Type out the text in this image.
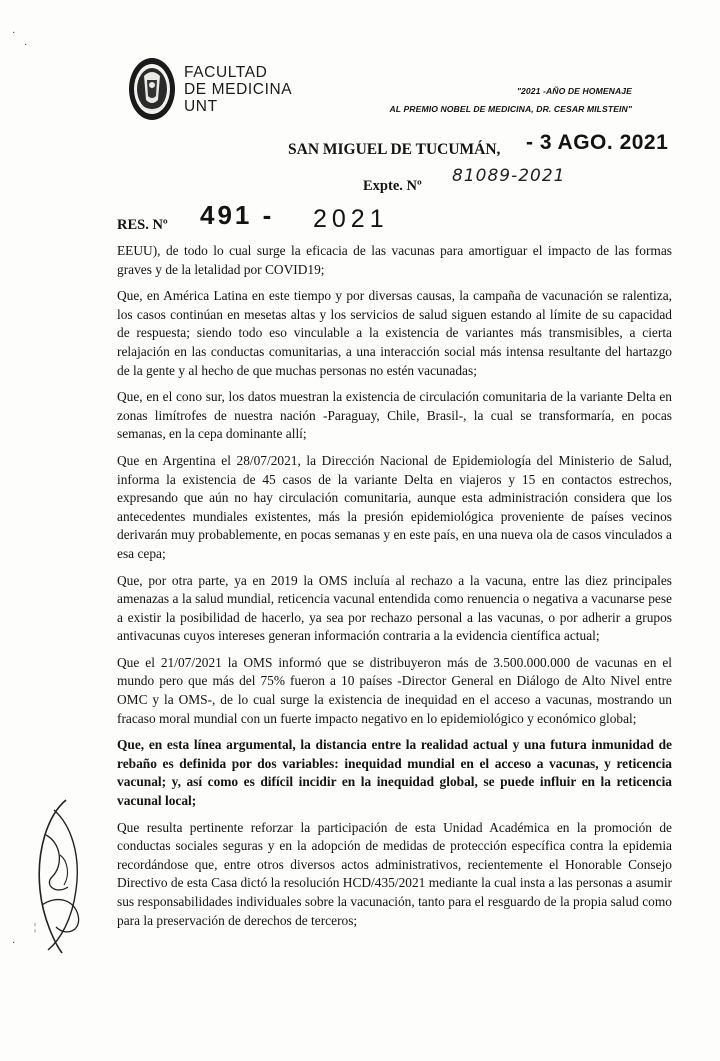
FACULTAD
DE MEDICINA
UNT
"2021 -AÑO DE HOMENAJE
AL PREMIO NOBEL DE MEDICINA, DR. CESAR MILSTEIN"
SAN MIGUEL DE TUCUMÁN, - 3 AGO. 2021
Expte. Nº 81089-2021
RES. Nº 491 - 2021

EEUU), de todo lo cual surge la eficacia de las vacunas para amortiguar el impacto de las formas graves y de la letalidad por COVID19;

Que, en América Latina en este tiempo y por diversas causas, la campaña de vacunación se ralentiza, los casos continúan en mesetas altas y los servicios de salud siguen estando al límite de su capacidad de respuesta; siendo todo eso vinculable a la existencia de variantes más transmisibles, a cierta relajación en las conductas comunitarias, a una interacción social más intensa resultante del hartazgo de la gente y al hecho de que muchas personas no estén vacunadas;

Que, en el cono sur, los datos muestran la existencia de circulación comunitaria de la variante Delta en zonas limítrofes de nuestra nación -Paraguay, Chile, Brasil-, la cual se transformaría, en pocas semanas, en la cepa dominante allí;

Que en Argentina el 28/07/2021, la Dirección Nacional de Epidemiología del Ministerio de Salud, informa la existencia de 45 casos de la variante Delta en viajeros y 15 en contactos estrechos, expresando que aún no hay circulación comunitaria, aunque esta administración considera que los antecedentes mundiales existentes, más la presión epidemiológica proveniente de países vecinos derivarán muy probablemente, en pocas semanas y en este país, en una nueva ola de casos vinculados a esa cepa;

Que, por otra parte, ya en 2019 la OMS incluía al rechazo a la vacuna, entre las diez principales amenazas a la salud mundial, reticencia vacunal entendida como renuencia o negativa a vacunarse pese a existir la posibilidad de hacerlo, ya sea por rechazo personal a las vacunas, o por adherir a grupos antivacunas cuyos intereses generan información contraria a la evidencia científica actual;

Que el 21/07/2021 la OMS informó que se distribuyeron más de 3.500.000.000 de vacunas en el mundo pero que más del 75% fueron a 10 países -Director General en Diálogo de Alto Nivel entre OMC y la OMS-, de lo cual surge la existencia de inequidad en el acceso a vacunas, mostrando un fracaso moral mundial con un fuerte impacto negativo en lo epidemiológico y económico global;

Que, en esta línea argumental, la distancia entre la realidad actual y una futura inmunidad de rebaño es definida por dos variables: inequidad mundial en el acceso a vacunas, y reticencia vacunal; y, así como es difícil incidir en la inequidad global, se puede influir en la reticencia vacunal local;

Que resulta pertinente reforzar la participación de esta Unidad Académica en la promoción de conductas sociales seguras y en la adopción de medidas de protección específica contra la epidemia recordándose que, entre otros diversos actos administrativos, recientemente el Honorable Consejo Directivo de esta Casa dictó la resolución HCD/435/2021 mediante la cual insta a las personas a asumir sus responsabilidades individuales sobre la vacunación, tanto para el resguardo de la propia salud como para la preservación de derechos de terceros;

·
·
¦
·
